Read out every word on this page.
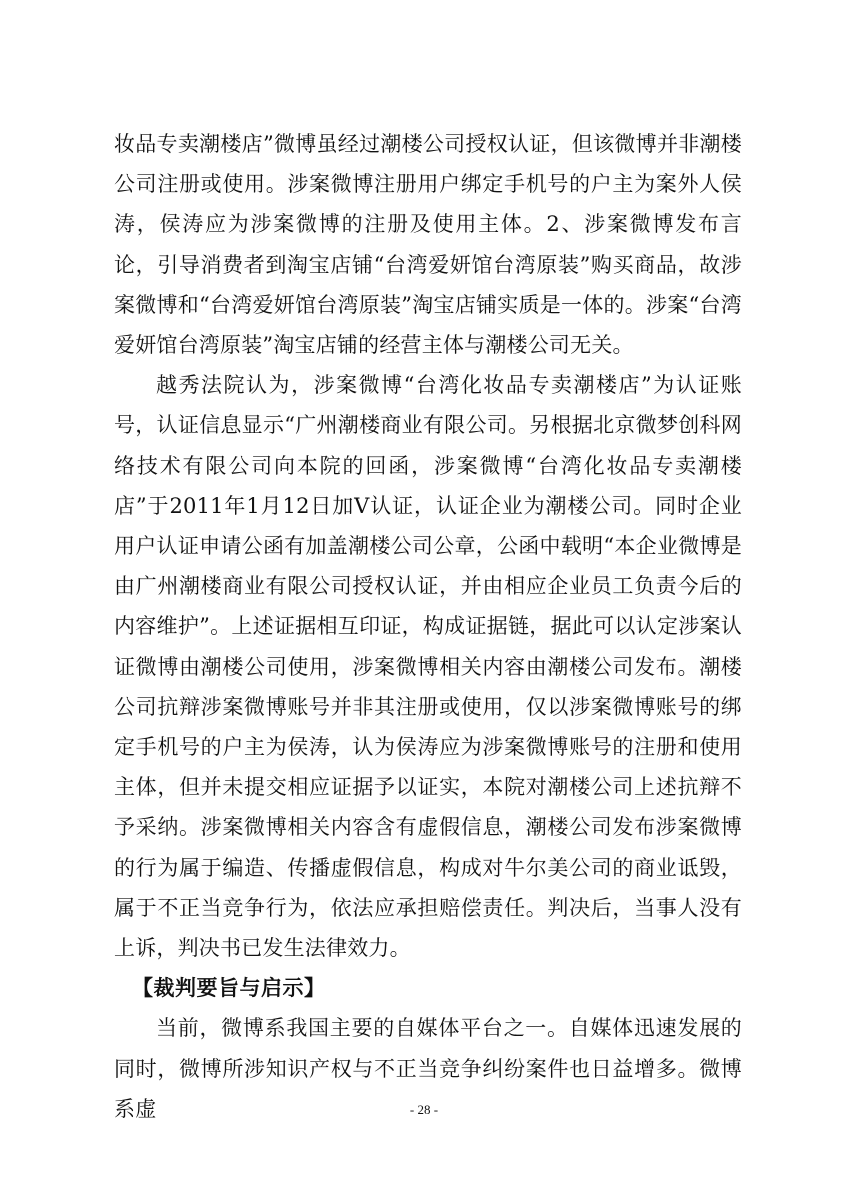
妆品专卖潮楼店”微博虽经过潮楼公司授权认证，但该微博并非潮楼公司注册或使用。涉案微博注册用户绑定手机号的户主为案外人侯涛，侯涛应为涉案微博的注册及使用主体。2、涉案微博发布言论，引导消费者到淘宝店铺“台湾爱妍馆台湾原装”购买商品，故涉案微博和“台湾爱妍馆台湾原装”淘宝店铺实质是一体的。涉案“台湾爱妍馆台湾原装”淘宝店铺的经营主体与潮楼公司无关。

越秀法院认为，涉案微博“台湾化妆品专卖潮楼店”为认证账号，认证信息显示“广州潮楼商业有限公司。另根据北京微梦创科网络技术有限公司向本院的回函，涉案微博“台湾化妆品专卖潮楼店”于2011年1月12日加V认证，认证企业为潮楼公司。同时企业用户认证申请公函有加盖潮楼公司公章，公函中载明“本企业微博是由广州潮楼商业有限公司授权认证，并由相应企业员工负责今后的内容维护”。上述证据相互印证，构成证据链，据此可以认定涉案认证微博由潮楼公司使用，涉案微博相关内容由潮楼公司发布。潮楼公司抗辩涉案微博账号并非其注册或使用，仅以涉案微博账号的绑定手机号的户主为侯涛，认为侯涛应为涉案微博账号的注册和使用主体，但并未提交相应证据予以证实，本院对潮楼公司上述抗辩不予采纳。涉案微博相关内容含有虚假信息，潮楼公司发布涉案微博的行为属于编造、传播虚假信息，构成对牛尔美公司的商业诋毁，属于不正当竞争行为，依法应承担赔偿责任。判决后，当事人没有上诉，判决书已发生法律效力。

【裁判要旨与启示】

当前，微博系我国主要的自媒体平台之一。自媒体迅速发展的同时，微博所涉知识产权与不正当竞争纠纷案件也日益增多。微博系虚	- 28 -
